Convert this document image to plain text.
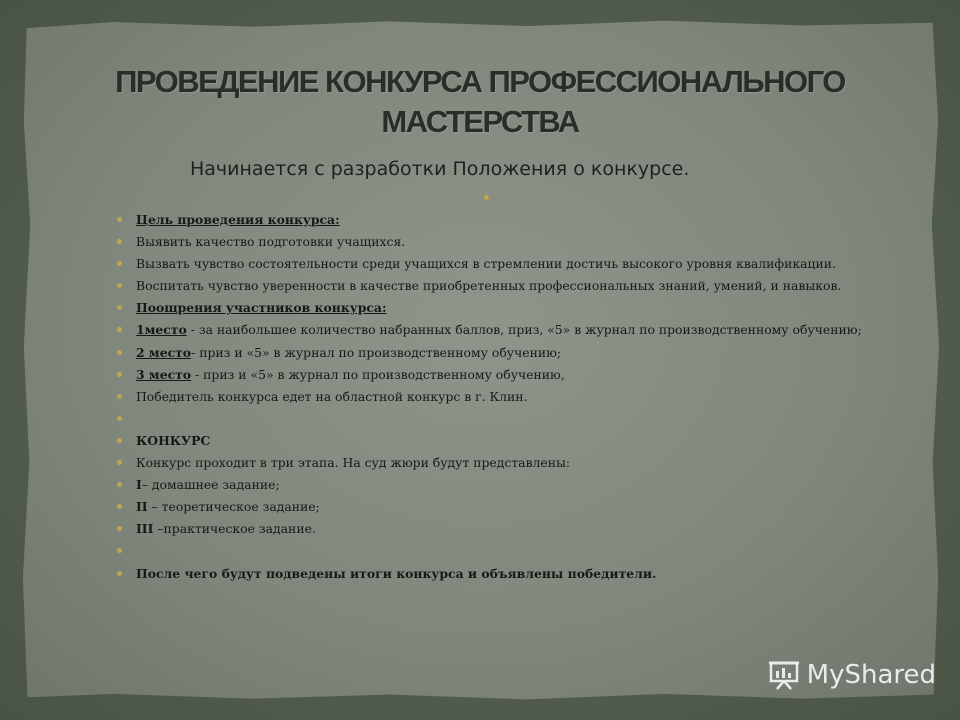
ПРОВЕДЕНИЕ КОНКУРСА ПРОФЕССИОНАЛЬНОГО МАСТЕРСТВА

Начинается с разработки Положения о конкурсе.

Цель проведения конкурса:
Выявить качество подготовки учащихся.
Вызвать чувство состоятельности среди учащихся в стремлении достичь высокого уровня квалификации.
Воспитать чувство уверенности в качестве приобретенных профессиональных знаний, умений, и навыков.
Поощрения участников конкурса:
1место - за наибольшее количество набранных баллов, приз, «5» в журнал по производственному обучению;
2 место- приз и «5» в журнал по производственному обучению;
3 место - приз и «5» в журнал по производственному обучению,
Победитель конкурса едет на областной конкурс в г. Клин.
КОНКУРС
Конкурс проходит в три этапа. На суд жюри будут представлены:
I– домашнее задание;
II – теоретическое задание;
III –практическое задание.
После чего будут подведены итоги конкурса и объявлены победители.
MyShared
